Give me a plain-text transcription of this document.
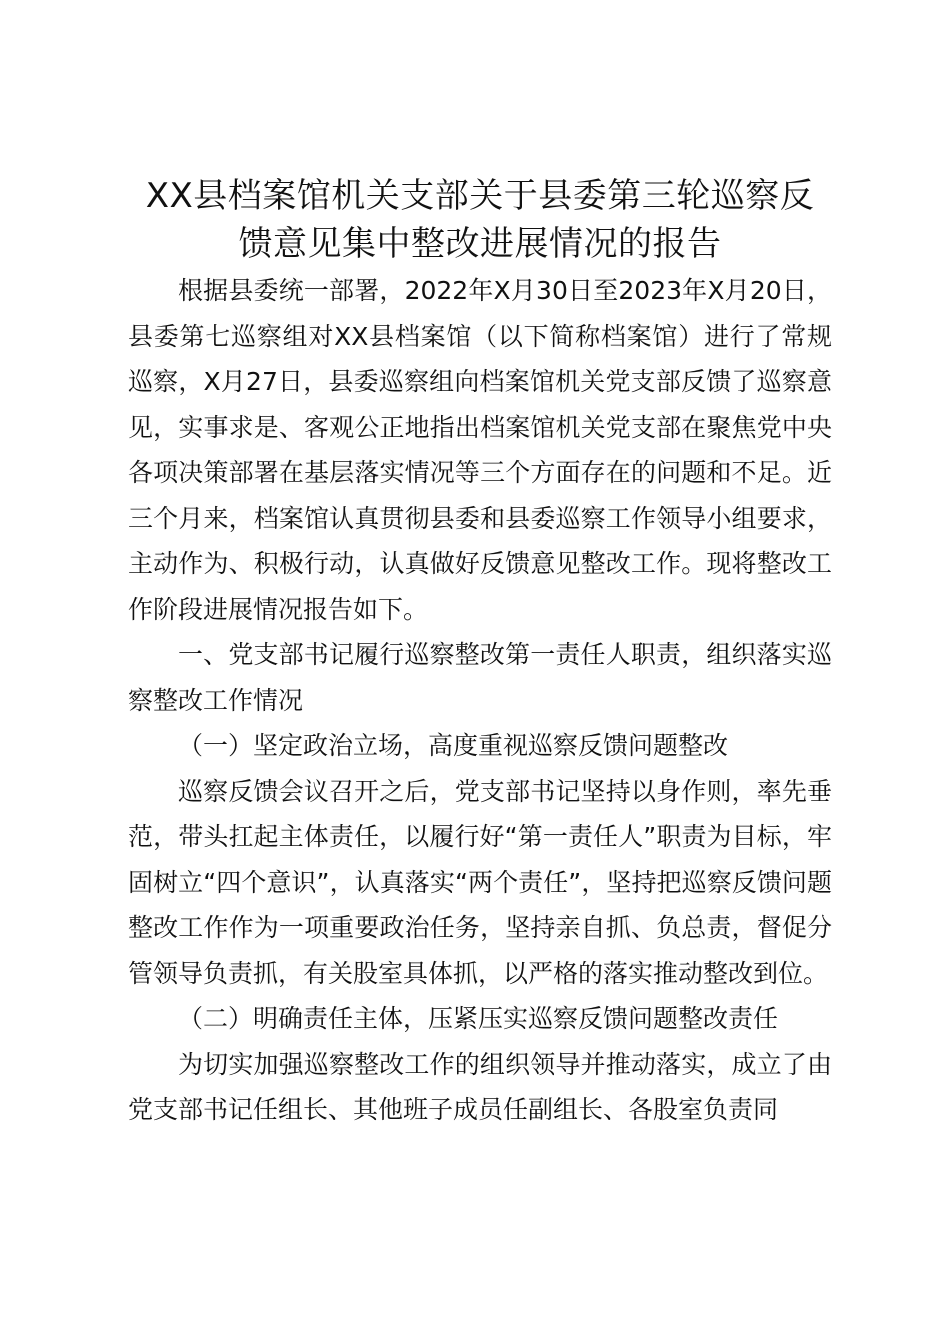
XX县档案馆机关支部关于县委第三轮巡察反
馈意见集中整改进展情况的报告

根据县委统一部署，2022年X月30日至2023年X月20日，县委第七巡察组对XX县档案馆（以下简称档案馆）进行了常规巡察，X月27日，县委巡察组向档案馆机关党支部反馈了巡察意见，实事求是、客观公正地指出档案馆机关党支部在聚焦党中央各项决策部署在基层落实情况等三个方面存在的问题和不足。近三个月来，档案馆认真贯彻县委和县委巡察工作领导小组要求，主动作为、积极行动，认真做好反馈意见整改工作。现将整改工作阶段进展情况报告如下。

一、党支部书记履行巡察整改第一责任人职责，组织落实巡察整改工作情况

（一）坚定政治立场，高度重视巡察反馈问题整改

巡察反馈会议召开之后，党支部书记坚持以身作则，率先垂范，带头扛起主体责任，以履行好“第一责任人”职责为目标，牢固树立“四个意识”，认真落实“两个责任”，坚持把巡察反馈问题整改工作作为一项重要政治任务，坚持亲自抓、负总责，督促分管领导负责抓，有关股室具体抓，以严格的落实推动整改到位。

（二）明确责任主体，压紧压实巡察反馈问题整改责任

为切实加强巡察整改工作的组织领导并推动落实，成立了由党支部书记任组长、其他班子成员任副组长、各股室负责同
